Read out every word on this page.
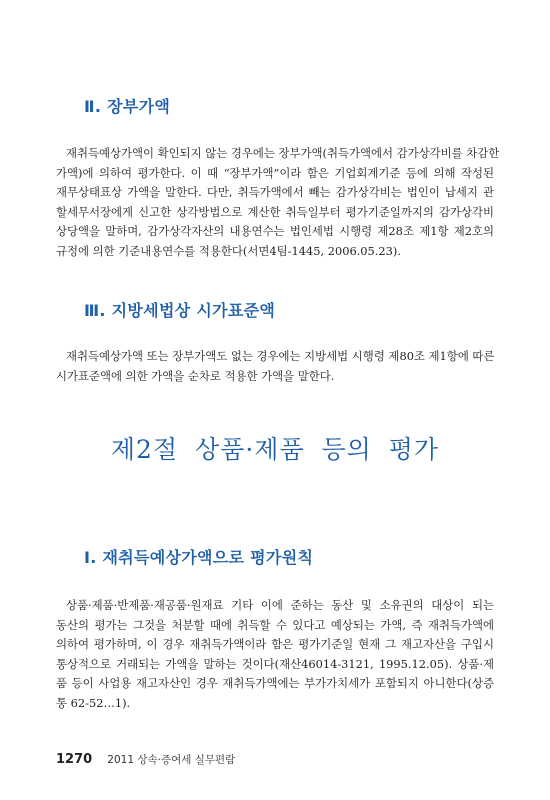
Ⅱ. 장부가액
재취득예상가액이 확인되지 않는 경우에는 장부가액(취득가액에서 감가상각비를 차감한
가액)에 의하여 평가한다. 이 때 “장부가액”이라 함은 기업회계기준 등에 의해 작성된
재무상태표상 가액을 말한다. 다만, 취득가액에서 빼는 감가상각비는 법인이 납세지 관
할세무서장에게 신고한 상각방법으로 계산한 취득일부터 평가기준일까지의 감가상각비
상당액을 말하며, 감가상각자산의 내용연수는 법인세법 시행령 제28조 제1항 제2호의
규정에 의한 기준내용연수를 적용한다(서면4팀-1445, 2006.05.23).
Ⅲ. 지방세법상 시가표준액
재취득예상가액 또는 장부가액도 없는 경우에는 지방세법 시행령 제80조 제1항에 따른
시가표준액에 의한 가액을 순차로 적용한 가액을 말한다.
제2절 상품·제품 등의 평가
Ⅰ. 재취득예상가액으로 평가원칙
상품·제품·반제품·재공품·원재료 기타 이에 준하는 동산 및 소유권의 대상이 되는
동산의 평가는 그것을 처분할 때에 취득할 수 있다고 예상되는 가액, 즉 재취득가액에
의하여 평가하며, 이 경우 재취득가액이라 함은 평가기준일 현재 그 재고자산을 구입시
통상적으로 거래되는 가액을 말하는 것이다(재산46014-3121, 1995.12.05). 상품·제
품 등이 사업용 재고자산인 경우 재취득가액에는 부가가치세가 포함되지 아니한다(상증
통 62-52…1).
1270 2011 상속·증여세 실무편람
